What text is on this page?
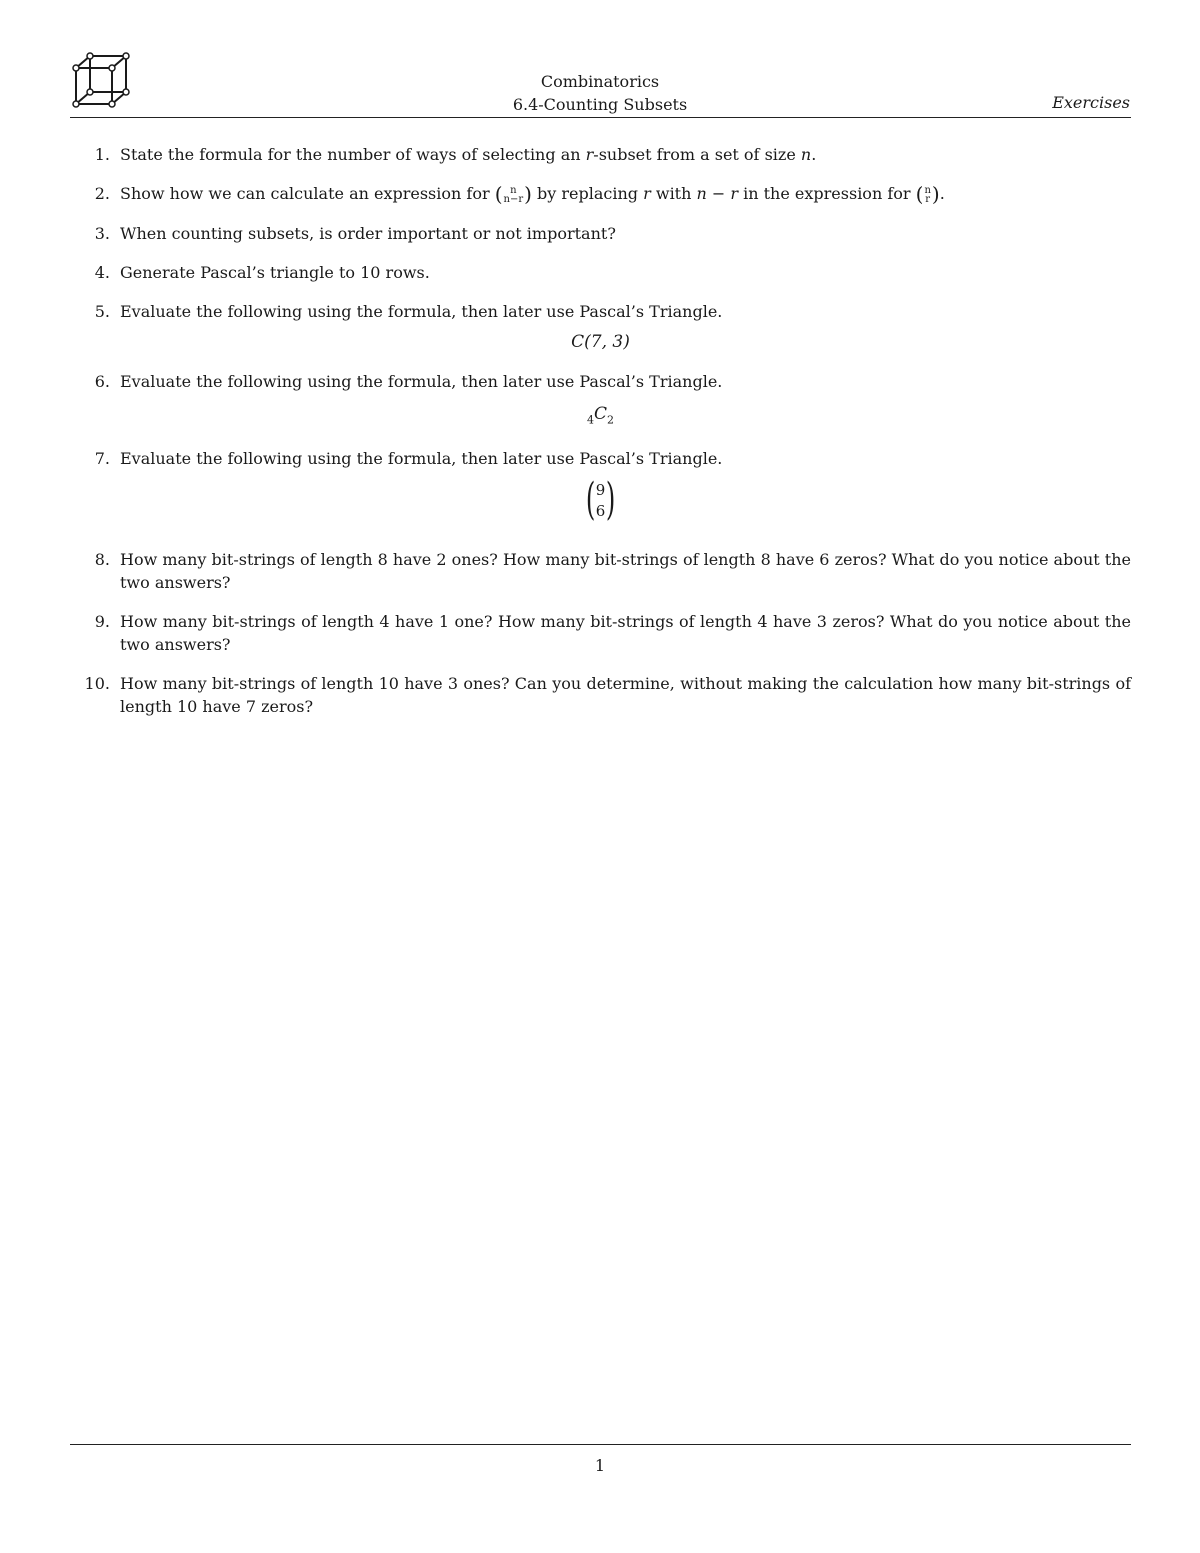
Combinatorics
6.4-Counting Subsets	Exercises
1. State the formula for the number of ways of selecting an r-subset from a set of size n.
2. Show how we can calculate an expression for ( n
n−r) by replacing r with n − r in the expression for (n
r).
3. When counting subsets, is order important or not important?
4. Generate Pascal’s triangle to 10 rows.
5. Evaluate the following using the formula, then later use Pascal’s Triangle.
C(7, 3)
6. Evaluate the following using the formula, then later use Pascal’s Triangle.
$_4C_2$
7. Evaluate the following using the formula, then later use Pascal’s Triangle.
( 9
6 )
8. How many bit-strings of length 8 have 2 ones? How many bit-strings of length 8 have 6 zeros? What do you notice about the two answers?
9. How many bit-strings of length 4 have 1 one? How many bit-strings of length 4 have 3 zeros? What do you notice about the two answers?
10. How many bit-strings of length 10 have 3 ones? Can you determine, without making the calculation how many bit-strings of length 10 have 7 zeros?
1
